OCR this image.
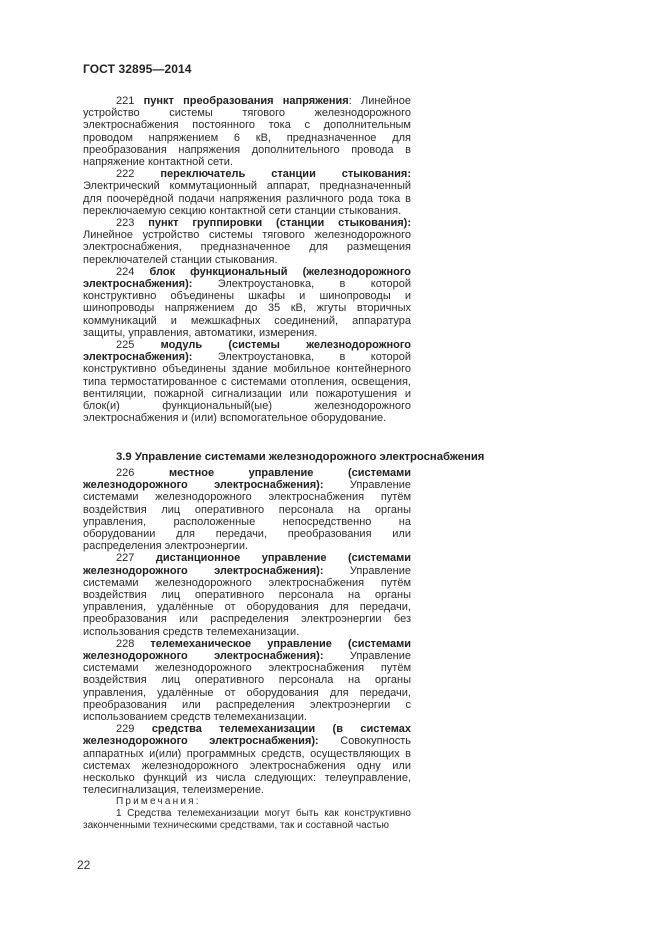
ГОСТ 32895—2014

221 пункт преобразования напряжения: Линейное устройство системы тягового железнодорожного электроснабжения постоянного тока с дополнительным проводом напряжением 6 кВ, предназначенное для преобразования напряжения дополнительного провода в напряжение контактной сети.

222 переключатель станции стыкования: Электрический коммутационный аппарат, предназначенный для поочерёдной подачи напряжения различного рода тока в переключаемую секцию контактной сети станции стыкования.

223 пункт группировки (станции стыкования): Линейное устройство системы тягового железнодорожного электроснабжения, предназначенное для размещения переключателей станции стыкования.

224 блок функциональный (железнодорожного электроснабжения): Электроустановка, в которой конструктивно объединены шкафы и шинопроводы и шинопроводы напряжением до 35 кВ, жгуты вторичных коммуникаций и межшкафных соединений, аппаратура защиты, управления, автоматики, измерения.

225 модуль (системы железнодорожного электроснабжения): Электроустановка, в которой конструктивно объединены здание мобильное контейнерного типа термостатированное с системами отопления, освещения, вентиляции, пожарной сигнализации или пожаротушения и блок(и) функциональный(ые) железнодорожного электроснабжения и (или) вспомогательное оборудование.

3.9 Управление системами железнодорожного электроснабжения

226	местное управление (системами железнодорожного электроснабжения): Управление системами железнодорожного электроснабжения путём воздействия лиц оперативного персонала на органы управления, расположенные непосредственно на оборудовании для передачи, преобразования или распределения электроэнергии.

227 дистанционное управление (системами железнодорожного электроснабжения): Управление системами железнодорожного электроснабжения путём воздействия лиц оперативного персонала на органы управления, удалённые от оборудования для передачи, преобразования или распределения электроэнергии без использования средств телемеханизации.

228 телемеханическое управление (системами железнодорожного электроснабжения): Управление системами железнодорожного электроснабжения путём воздействия лиц оперативного персонала на органы управления, удалённые от оборудования для передачи, преобразования или распределения электроэнергии с использованием средств телемеханизации.

229 средства телемеханизации (в системах железнодорожного электроснабжения): Совокупность аппаратных и(или) программных средств, осуществляющих в системах железнодорожного электроснабжения одну или несколько функций из числа следующих: телеуправление, телесигнализация, телеизмерение.

Примечания:

1 Средства телемеханизации могут быть как конструктивно законченными техническими средствами, так и составной частью

22
